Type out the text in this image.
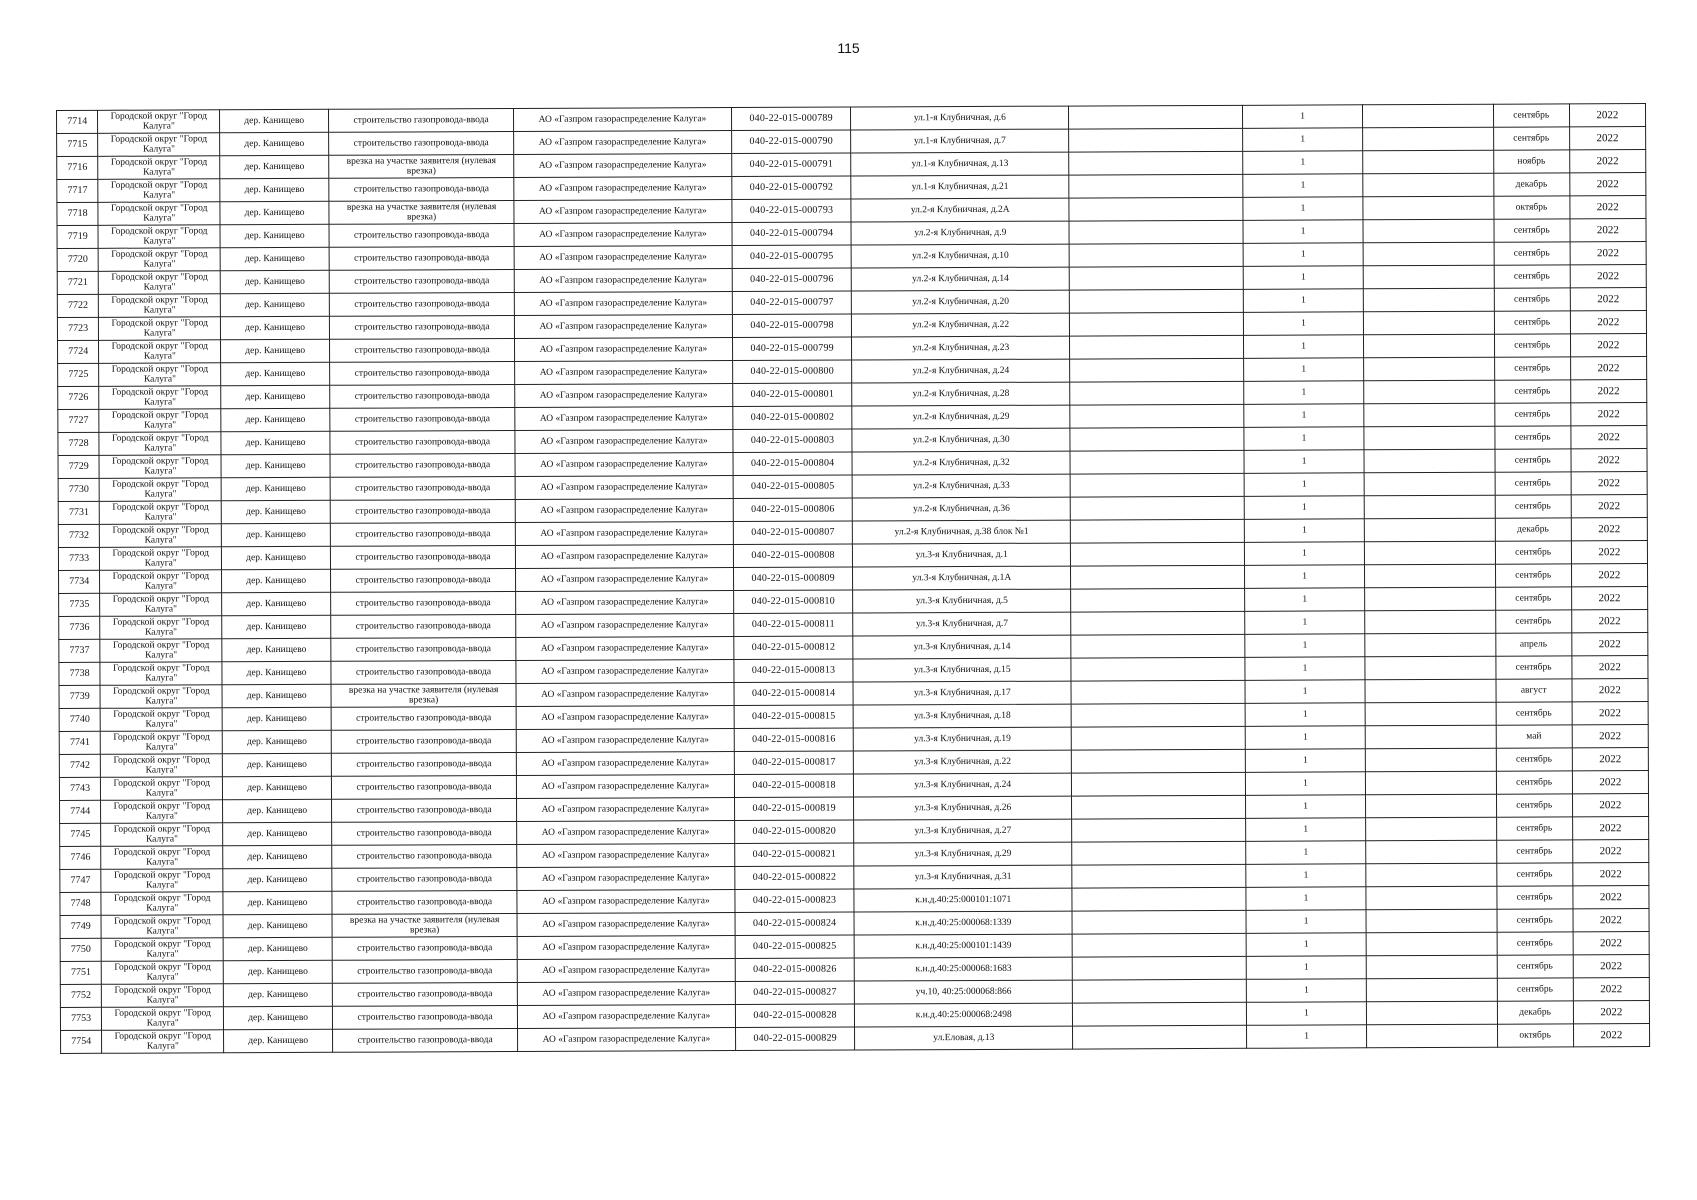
115
7714	Городской округ "Город Калуга"	дер. Канищево	строительство газопровода-ввода	АО «Газпром газораспределение Калуга»	040-22-015-000789	ул.1-я Клубничная, д.6		1		сентябрь	2022
7715	Городской округ "Город Калуга"	дер. Канищево	строительство газопровода-ввода	АО «Газпром газораспределение Калуга»	040-22-015-000790	ул.1-я Клубничная, д.7		1		сентябрь	2022
7716	Городской округ "Город Калуга"	дер. Канищево	врезка на участке заявителя (нулевая врезка)	АО «Газпром газораспределение Калуга»	040-22-015-000791	ул.1-я Клубничная, д.13		1		ноябрь	2022
7717	Городской округ "Город Калуга"	дер. Канищево	строительство газопровода-ввода	АО «Газпром газораспределение Калуга»	040-22-015-000792	ул.1-я Клубничная, д.21		1		декабрь	2022
7718	Городской округ "Город Калуга"	дер. Канищево	врезка на участке заявителя (нулевая врезка)	АО «Газпром газораспределение Калуга»	040-22-015-000793	ул.2-я Клубничная, д.2А		1		октябрь	2022
7719	Городской округ "Город Калуга"	дер. Канищево	строительство газопровода-ввода	АО «Газпром газораспределение Калуга»	040-22-015-000794	ул.2-я Клубничная, д.9		1		сентябрь	2022
7720	Городской округ "Город Калуга"	дер. Канищево	строительство газопровода-ввода	АО «Газпром газораспределение Калуга»	040-22-015-000795	ул.2-я Клубничная, д.10		1		сентябрь	2022
7721	Городской округ "Город Калуга"	дер. Канищево	строительство газопровода-ввода	АО «Газпром газораспределение Калуга»	040-22-015-000796	ул.2-я Клубничная, д.14		1		сентябрь	2022
7722	Городской округ "Город Калуга"	дер. Канищево	строительство газопровода-ввода	АО «Газпром газораспределение Калуга»	040-22-015-000797	ул.2-я Клубничная, д.20		1		сентябрь	2022
7723	Городской округ "Город Калуга"	дер. Канищево	строительство газопровода-ввода	АО «Газпром газораспределение Калуга»	040-22-015-000798	ул.2-я Клубничная, д.22		1		сентябрь	2022
7724	Городской округ "Город Калуга"	дер. Канищево	строительство газопровода-ввода	АО «Газпром газораспределение Калуга»	040-22-015-000799	ул.2-я Клубничная, д.23		1		сентябрь	2022
7725	Городской округ "Город Калуга"	дер. Канищево	строительство газопровода-ввода	АО «Газпром газораспределение Калуга»	040-22-015-000800	ул.2-я Клубничная, д.24		1		сентябрь	2022
7726	Городской округ "Город Калуга"	дер. Канищево	строительство газопровода-ввода	АО «Газпром газораспределение Калуга»	040-22-015-000801	ул.2-я Клубничная, д.28		1		сентябрь	2022
7727	Городской округ "Город Калуга"	дер. Канищево	строительство газопровода-ввода	АО «Газпром газораспределение Калуга»	040-22-015-000802	ул.2-я Клубничная, д.29		1		сентябрь	2022
7728	Городской округ "Город Калуга"	дер. Канищево	строительство газопровода-ввода	АО «Газпром газораспределение Калуга»	040-22-015-000803	ул.2-я Клубничная, д.30		1		сентябрь	2022
7729	Городской округ "Город Калуга"	дер. Канищево	строительство газопровода-ввода	АО «Газпром газораспределение Калуга»	040-22-015-000804	ул.2-я Клубничная, д.32		1		сентябрь	2022
7730	Городской округ "Город Калуга"	дер. Канищево	строительство газопровода-ввода	АО «Газпром газораспределение Калуга»	040-22-015-000805	ул.2-я Клубничная, д.33		1		сентябрь	2022
7731	Городской округ "Город Калуга"	дер. Канищево	строительство газопровода-ввода	АО «Газпром газораспределение Калуга»	040-22-015-000806	ул.2-я Клубничная, д.36		1		сентябрь	2022
7732	Городской округ "Город Калуга"	дер. Канищево	строительство газопровода-ввода	АО «Газпром газораспределение Калуга»	040-22-015-000807	ул.2-я Клубничная, д.38 блок №1		1		декабрь	2022
7733	Городской округ "Город Калуга"	дер. Канищево	строительство газопровода-ввода	АО «Газпром газораспределение Калуга»	040-22-015-000808	ул.3-я Клубничная, д.1		1		сентябрь	2022
7734	Городской округ "Город Калуга"	дер. Канищево	строительство газопровода-ввода	АО «Газпром газораспределение Калуга»	040-22-015-000809	ул.3-я Клубничная, д.1А		1		сентябрь	2022
7735	Городской округ "Город Калуга"	дер. Канищево	строительство газопровода-ввода	АО «Газпром газораспределение Калуга»	040-22-015-000810	ул.3-я Клубничная, д.5		1		сентябрь	2022
7736	Городской округ "Город Калуга"	дер. Канищево	строительство газопровода-ввода	АО «Газпром газораспределение Калуга»	040-22-015-000811	ул.3-я Клубничная, д.7		1		сентябрь	2022
7737	Городской округ "Город Калуга"	дер. Канищево	строительство газопровода-ввода	АО «Газпром газораспределение Калуга»	040-22-015-000812	ул.3-я Клубничная, д.14		1		апрель	2022
7738	Городской округ "Город Калуга"	дер. Канищево	строительство газопровода-ввода	АО «Газпром газораспределение Калуга»	040-22-015-000813	ул.3-я Клубничная, д.15		1		сентябрь	2022
7739	Городской округ "Город Калуга"	дер. Канищево	врезка на участке заявителя (нулевая врезка)	АО «Газпром газораспределение Калуга»	040-22-015-000814	ул.3-я Клубничная, д.17		1		август	2022
7740	Городской округ "Город Калуга"	дер. Канищево	строительство газопровода-ввода	АО «Газпром газораспределение Калуга»	040-22-015-000815	ул.3-я Клубничная, д.18		1		сентябрь	2022
7741	Городской округ "Город Калуга"	дер. Канищево	строительство газопровода-ввода	АО «Газпром газораспределение Калуга»	040-22-015-000816	ул.3-я Клубничная, д.19		1		май	2022
7742	Городской округ "Город Калуга"	дер. Канищево	строительство газопровода-ввода	АО «Газпром газораспределение Калуга»	040-22-015-000817	ул.3-я Клубничная, д.22		1		сентябрь	2022
7743	Городской округ "Город Калуга"	дер. Канищево	строительство газопровода-ввода	АО «Газпром газораспределение Калуга»	040-22-015-000818	ул.3-я Клубничная, д.24		1		сентябрь	2022
7744	Городской округ "Город Калуга"	дер. Канищево	строительство газопровода-ввода	АО «Газпром газораспределение Калуга»	040-22-015-000819	ул.3-я Клубничная, д.26		1		сентябрь	2022
7745	Городской округ "Город Калуга"	дер. Канищево	строительство газопровода-ввода	АО «Газпром газораспределение Калуга»	040-22-015-000820	ул.3-я Клубничная, д.27		1		сентябрь	2022
7746	Городской округ "Город Калуга"	дер. Канищево	строительство газопровода-ввода	АО «Газпром газораспределение Калуга»	040-22-015-000821	ул.3-я Клубничная, д.29		1		сентябрь	2022
7747	Городской округ "Город Калуга"	дер. Канищево	строительство газопровода-ввода	АО «Газпром газораспределение Калуга»	040-22-015-000822	ул.3-я Клубничная, д.31		1		сентябрь	2022
7748	Городской округ "Город Калуга"	дер. Канищево	строительство газопровода-ввода	АО «Газпром газораспределение Калуга»	040-22-015-000823	к.н.д.40:25:000101:1071		1		сентябрь	2022
7749	Городской округ "Город Калуга"	дер. Канищево	врезка на участке заявителя (нулевая врезка)	АО «Газпром газораспределение Калуга»	040-22-015-000824	к.н.д.40:25:000068:1339		1		сентябрь	2022
7750	Городской округ "Город Калуга"	дер. Канищево	строительство газопровода-ввода	АО «Газпром газораспределение Калуга»	040-22-015-000825	к.н.д.40:25:000101:1439		1		сентябрь	2022
7751	Городской округ "Город Калуга"	дер. Канищево	строительство газопровода-ввода	АО «Газпром газораспределение Калуга»	040-22-015-000826	к.н.д.40:25:000068:1683		1		сентябрь	2022
7752	Городской округ "Город Калуга"	дер. Канищево	строительство газопровода-ввода	АО «Газпром газораспределение Калуга»	040-22-015-000827	уч.10, 40:25:000068:866		1		сентябрь	2022
7753	Городской округ "Город Калуга"	дер. Канищево	строительство газопровода-ввода	АО «Газпром газораспределение Калуга»	040-22-015-000828	к.н.д.40:25:000068:2498		1		декабрь	2022
7754	Городской округ "Город Калуга"	дер. Канищево	строительство газопровода-ввода	АО «Газпром газораспределение Калуга»	040-22-015-000829	ул.Еловая, д.13		1		октябрь	2022
